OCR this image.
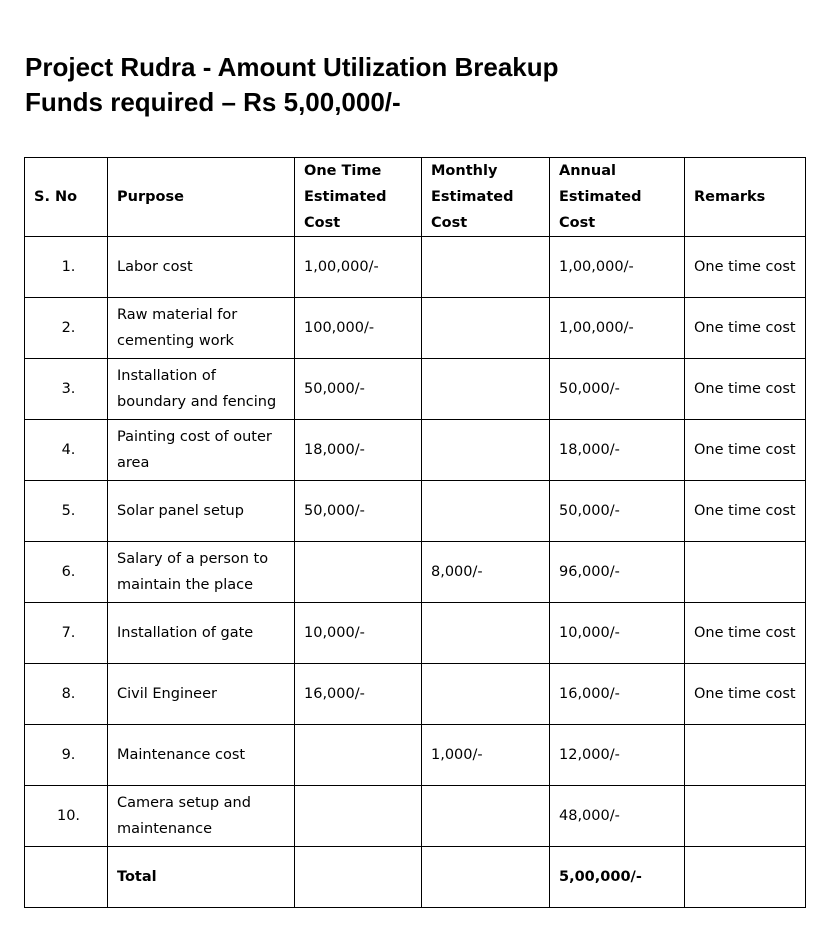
Project Rudra - Amount Utilization Breakup
Funds required – Rs 5,00,000/-
S. No	Purpose	One Time Estimated Cost	Monthly Estimated Cost	Annual Estimated Cost	Remarks
1.	Labor cost	1,00,000/-		1,00,000/-	One time cost
2.	Raw material for cementing work	100,000/-		1,00,000/-	One time cost
3.	Installation of boundary and fencing	50,000/-		50,000/-	One time cost
4.	Painting cost of outer area	18,000/-		18,000/-	One time cost
5.	Solar panel setup	50,000/-		50,000/-	One time cost
6.	Salary of a person to maintain the place		8,000/-	96,000/-	
7.	Installation of gate	10,000/-		10,000/-	One time cost
8.	Civil Engineer	16,000/-		16,000/-	One time cost
9.	Maintenance cost		1,000/-	12,000/-	
10.	Camera setup and maintenance			48,000/-	
	Total			5,00,000/-	
